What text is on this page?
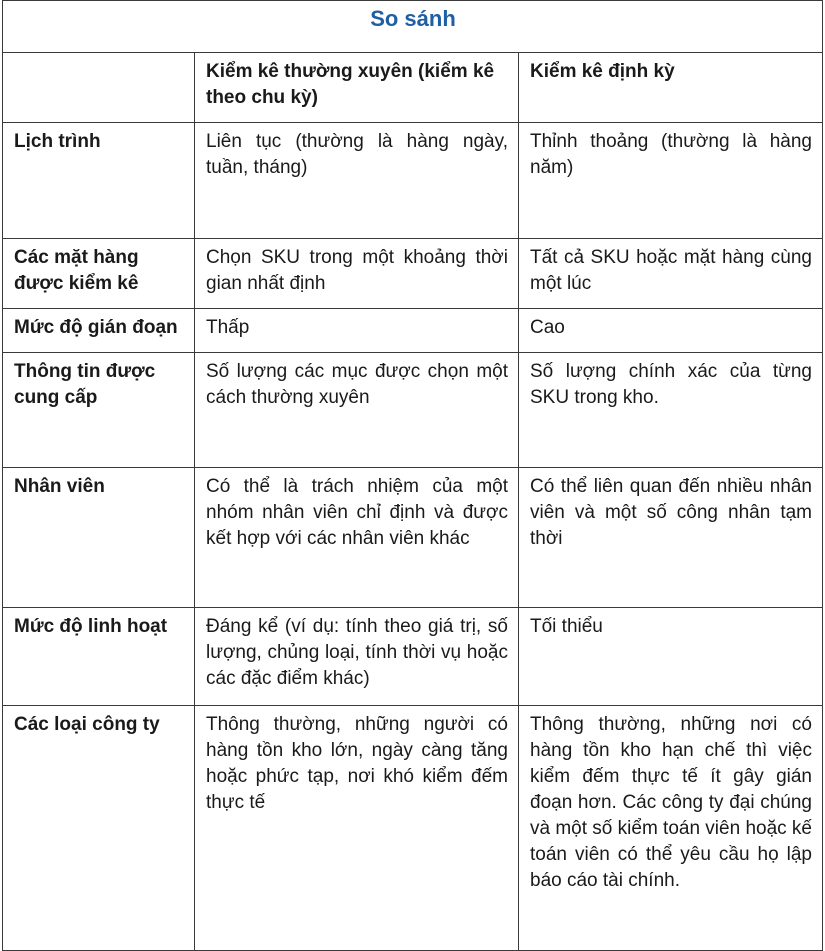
So sánh		
	Kiểm kê thường xuyên (kiểm kê theo chu kỳ)	Kiểm kê định kỳ
Lịch trình	Liên tục (thường là hàng ngày, tuần, tháng)	Thỉnh thoảng (thường là hàng năm)
Các mặt hàng được kiểm kê	Chọn SKU trong một khoảng thời gian nhất định	Tất cả SKU hoặc mặt hàng cùng một lúc
Mức độ gián đoạn	Thấp	Cao
Thông tin được cung cấp	Số lượng các mục được chọn một cách thường xuyên	Số lượng chính xác của từng SKU trong kho.
Nhân viên	Có thể là trách nhiệm của một nhóm nhân viên chỉ định và được kết hợp với các nhân viên khác	Có thể liên quan đến nhiều nhân viên và một số công nhân tạm thời
Mức độ linh hoạt	Đáng kể (ví dụ: tính theo giá trị, số lượng, chủng loại, tính thời vụ hoặc các đặc điểm khác)	Tối thiểu
Các loại công ty	Thông thường, những người có hàng tồn kho lớn, ngày càng tăng hoặc phức tạp, nơi khó kiểm đếm thực tế	Thông thường, những nơi có hàng tồn kho hạn chế thì việc kiểm đếm thực tế ít gây gián đoạn hơn. Các công ty đại chúng và một số kiểm toán viên hoặc kế toán viên có thể yêu cầu họ lập báo cáo tài chính.
